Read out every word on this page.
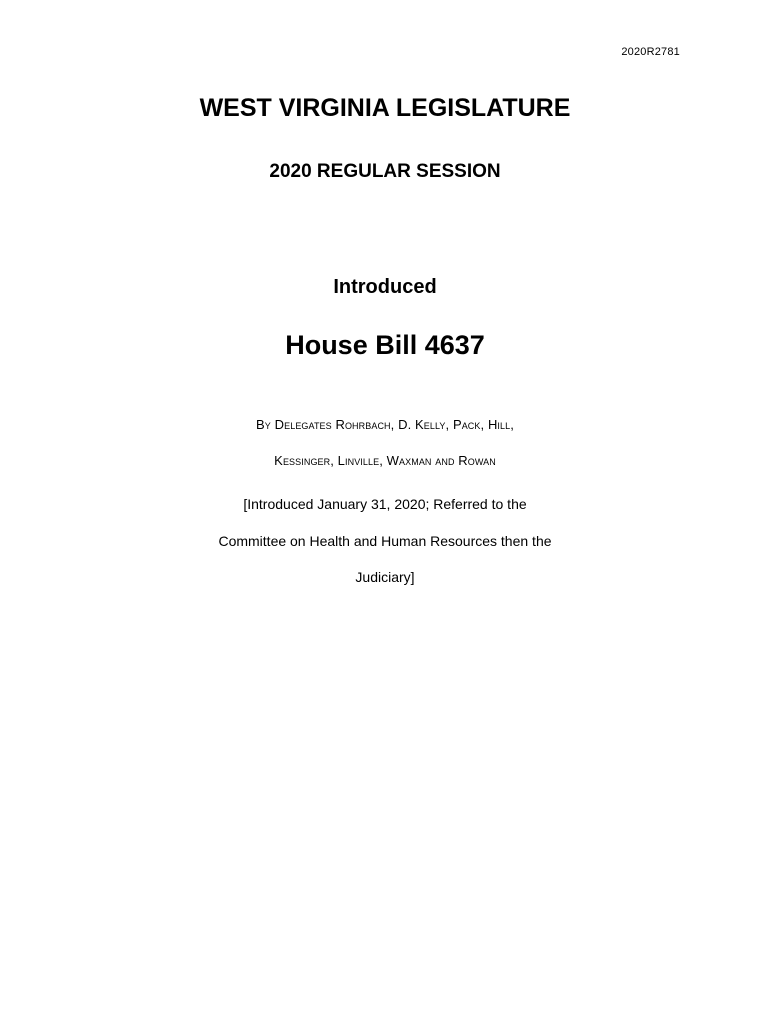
2020R2781
WEST VIRGINIA LEGISLATURE
2020 REGULAR SESSION
Introduced
House Bill 4637
By Delegates Rohrbach, D. Kelly, Pack, Hill,
Kessinger, Linville, Waxman and Rowan
[Introduced January 31, 2020; Referred to the
Committee on Health and Human Resources then the
Judiciary]
